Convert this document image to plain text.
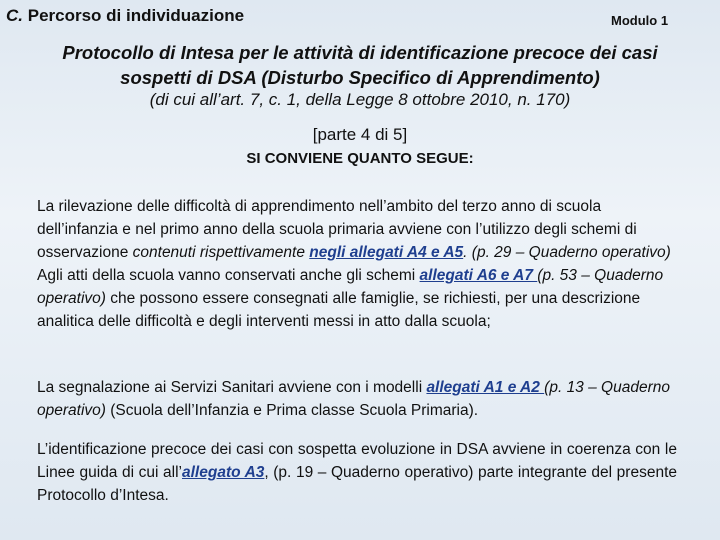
C. Percorso di individuazione	Modulo 1
Protocollo di Intesa per le attività di identificazione precoce dei casi
sospetti di DSA (Disturbo Specifico di Apprendimento)
(di cui all’art. 7, c. 1, della Legge 8 ottobre 2010, n. 170)
[parte 4 di 5]
SI CONVIENE QUANTO SEGUE:
La rilevazione delle difficoltà di apprendimento nell’ambito del terzo anno di scuola dell’infanzia e nel primo anno della scuola primaria avviene con l’utilizzo degli schemi di osservazione contenuti rispettivamente negli allegati A4 e A5. (p. 29 – Quaderno operativo)
Agli atti della scuola vanno conservati anche gli schemi allegati A6 e A7 (p. 53 – Quaderno operativo) che possono essere consegnati alle famiglie, se richiesti, per una descrizione analitica delle difficoltà e degli interventi messi in atto dalla scuola;
La segnalazione ai Servizi Sanitari avviene con i modelli allegati A1 e A2 (p. 13 – Quaderno operativo) (Scuola dell’Infanzia e Prima classe Scuola Primaria).
L’identificazione precoce dei casi con sospetta evoluzione in DSA avviene in coerenza con le Linee guida di cui all’allegato A3, (p. 19 – Quaderno operativo) parte integrante del presente Protocollo d’Intesa.
